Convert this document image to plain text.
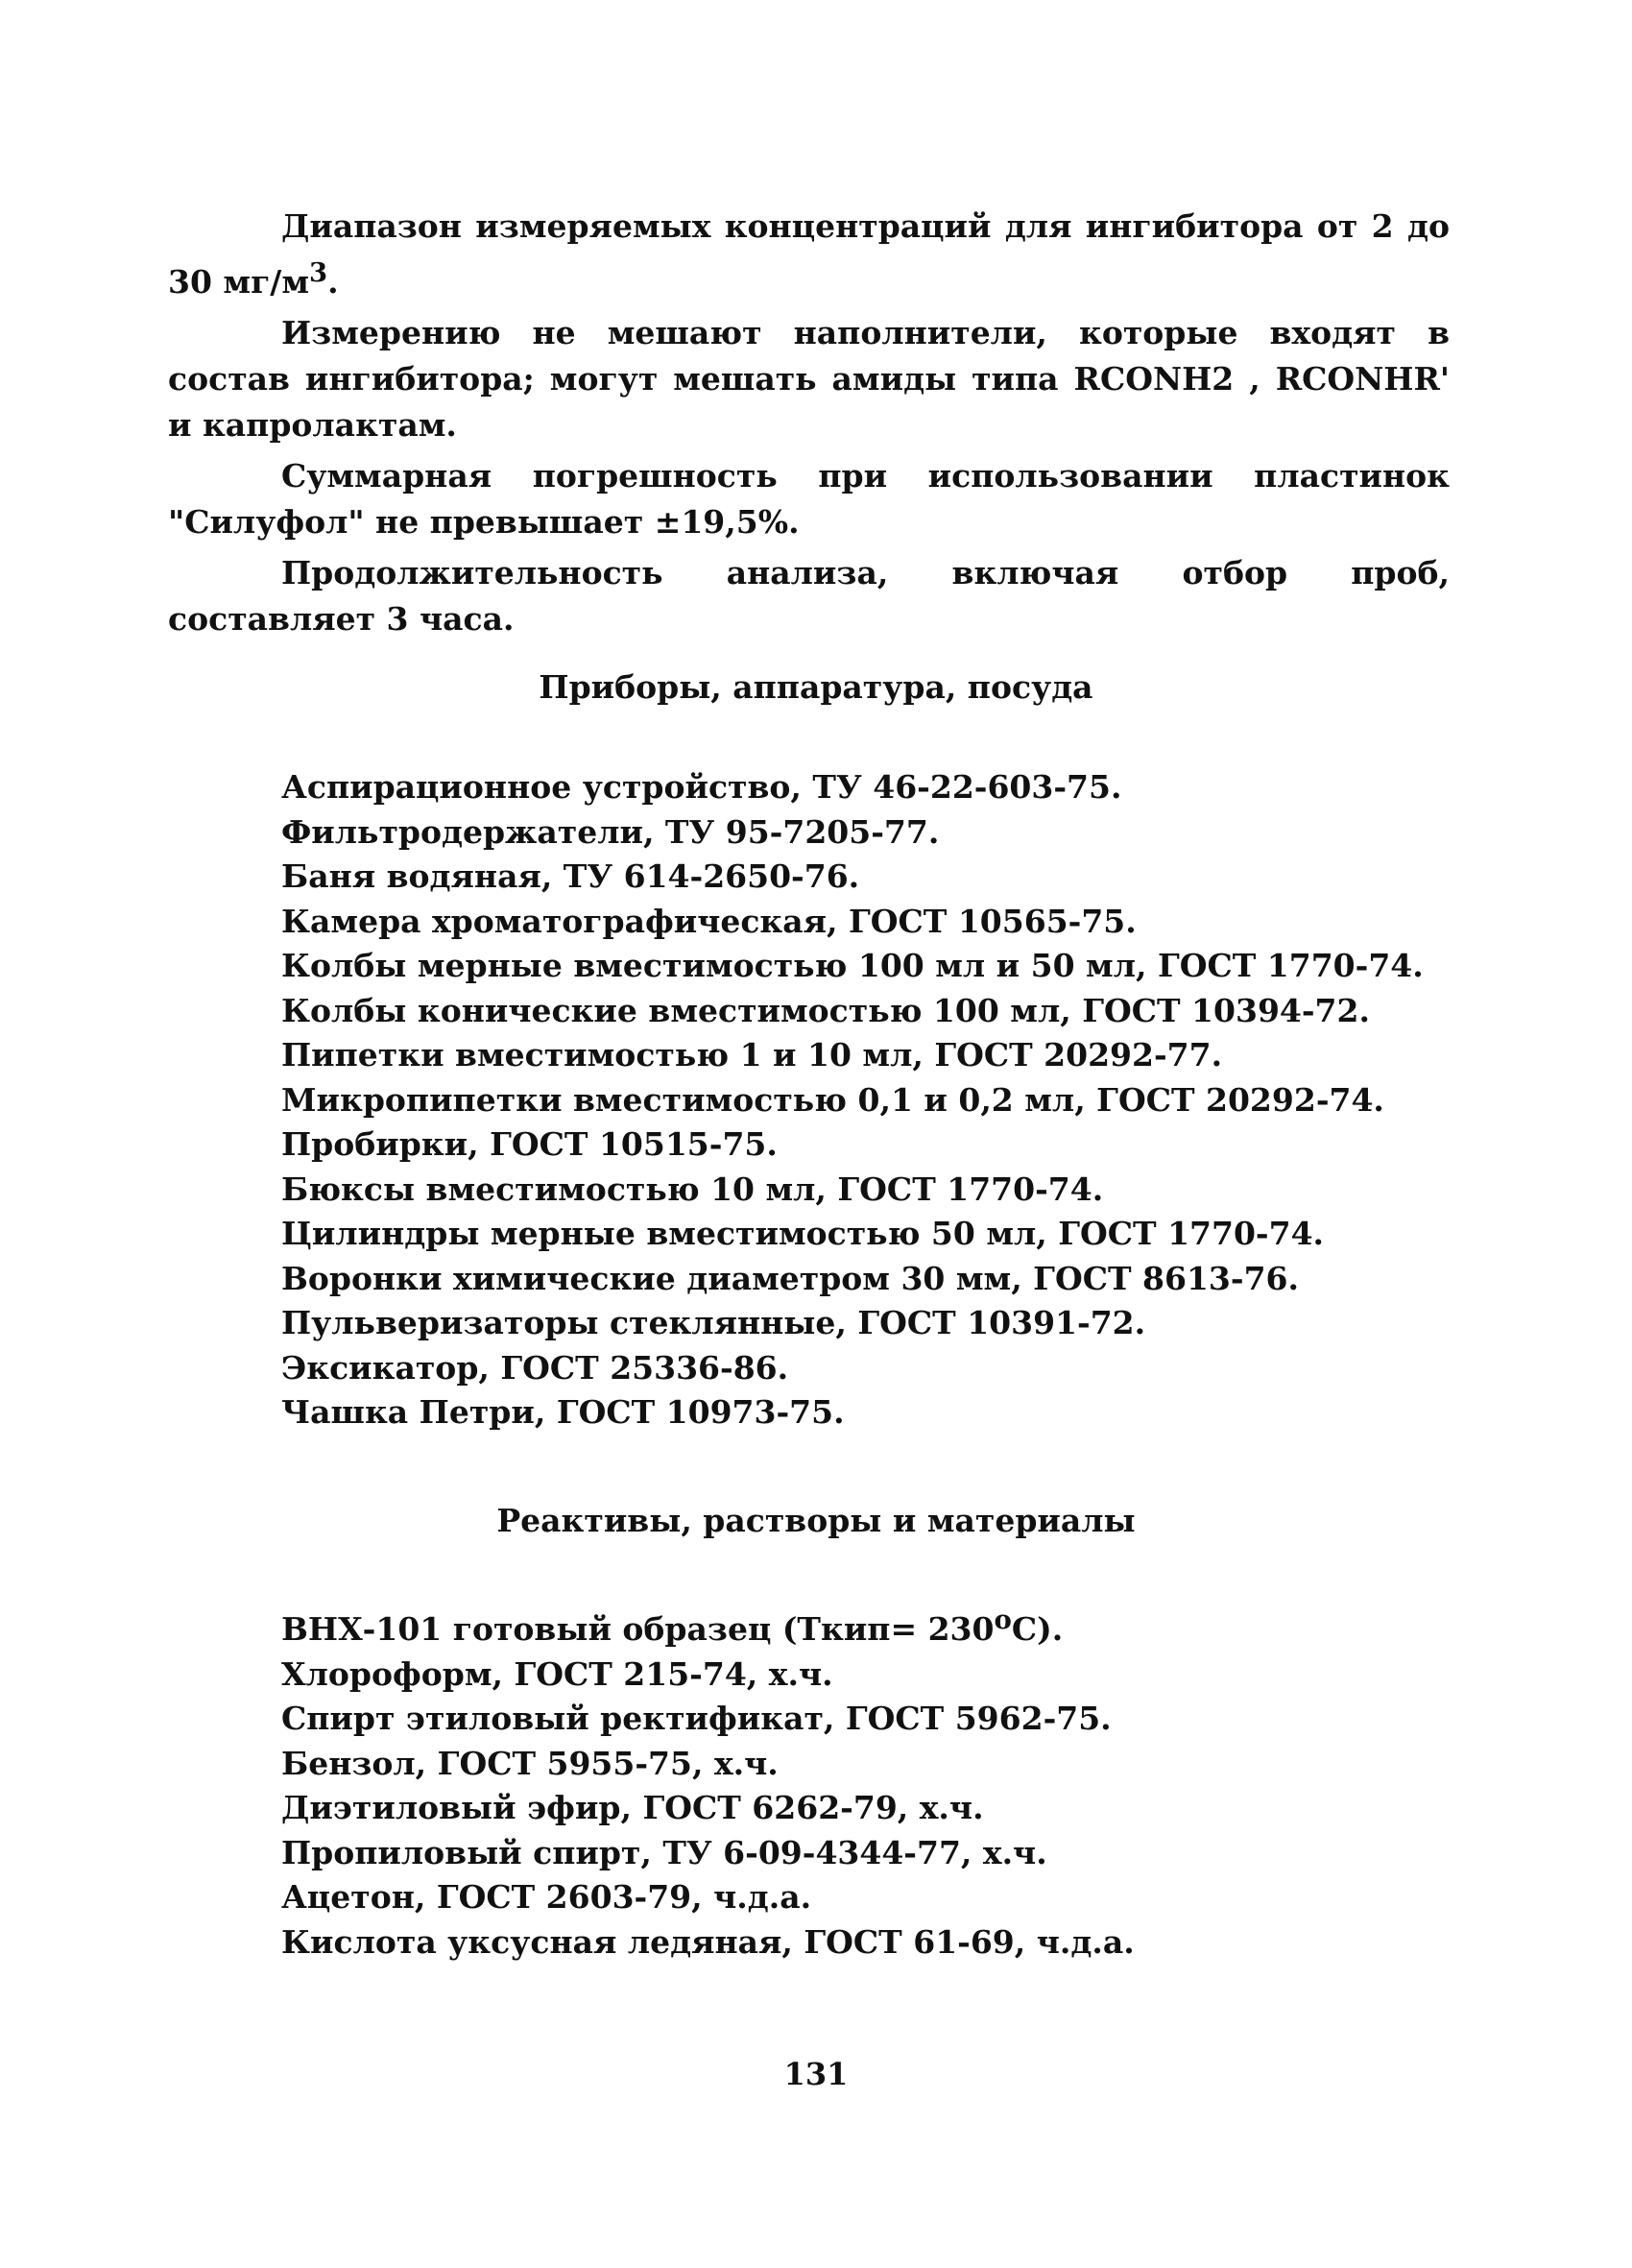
Диапазон измеряемых концентраций для ингибитора от 2 до 30 $мг/м^3$.

Измерению не мешают наполнители, которые входят в состав ингибитора; могут мешать амиды типа RCONH2 , RCONHR' и капролактам.

Суммарная погрешность при использовании пластинок "Силуфол" не превышает ±19,5%.

Продолжительность анализа, включая отбор проб, составляет 3 часа.

Приборы, аппаратура, посуда
Аспирационное устройство, ТУ 46-22-603-75.
Фильтродержатели, ТУ 95-7205-77.
Баня водяная, ТУ 614-2650-76.
Камера хроматографическая, ГОСТ 10565-75.
Колбы мерные вместимостью 100 мл и 50 мл, ГОСТ 1770-74.
Колбы конические вместимостью 100 мл, ГОСТ 10394-72.
Пипетки вместимостью 1 и 10 мл, ГОСТ 20292-77.
Микропипетки вместимостью 0,1 и 0,2 мл, ГОСТ 20292-74.
Пробирки, ГОСТ 10515-75.
Бюксы вместимостью 10 мл, ГОСТ 1770-74.
Цилиндры мерные вместимостью 50 мл, ГОСТ 1770-74.
Воронки химические диаметром 30 мм, ГОСТ 8613-76.
Пульверизаторы стеклянные, ГОСТ 10391-72.
Эксикатор, ГОСТ 25336-86.
Чашка Петри, ГОСТ 10973-75.
Реактивы, растворы и материалы
ВНХ-101 готовый образец (Ткип= $230^оС$).
Хлороформ, ГОСТ 215-74, х.ч.
Спирт этиловый ректификат, ГОСТ 5962-75.
Бензол, ГОСТ 5955-75, х.ч.
Диэтиловый эфир, ГОСТ 6262-79, х.ч.
Пропиловый спирт, ТУ 6-09-4344-77, х.ч.
Ацетон, ГОСТ 2603-79, ч.д.а.
Кислота уксусная ледяная, ГОСТ 61-69, ч.д.а.
131
